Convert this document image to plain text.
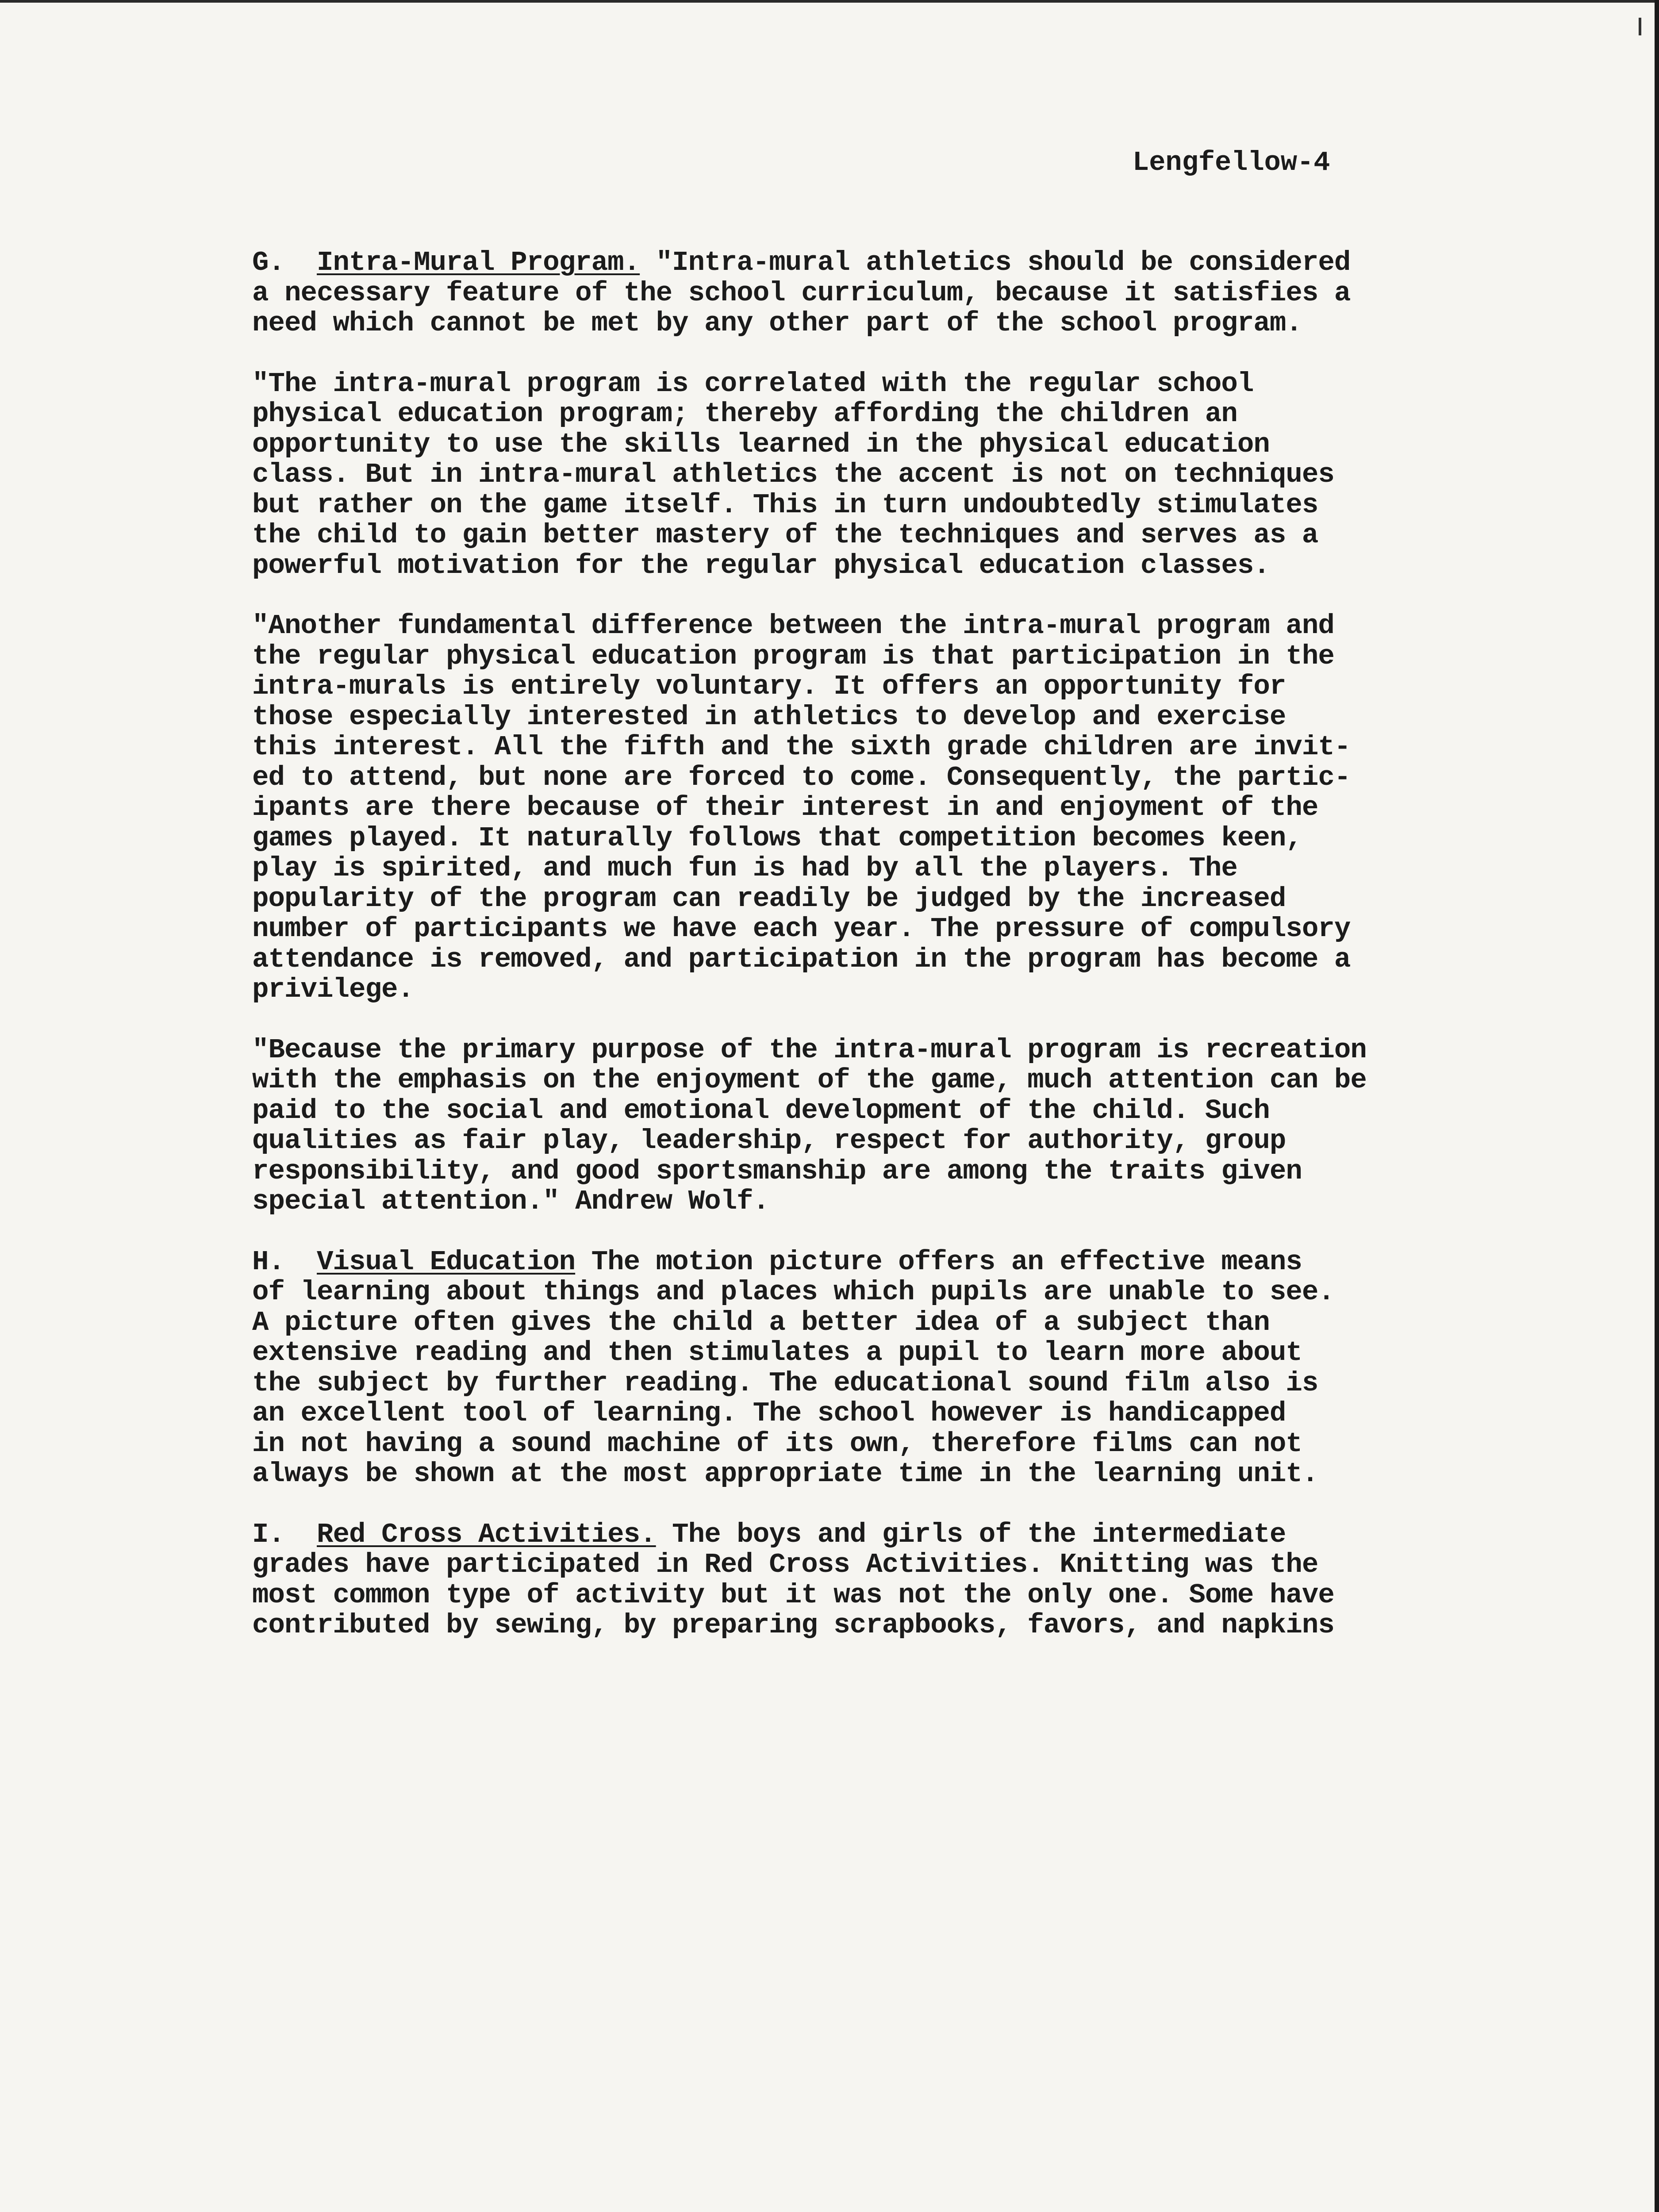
Lengfellow-4
G. Intra-Mural Program. "Intra-mural athletics should be considered
a necessary feature of the school curriculum, because it satisfies a
need which cannot be met by any other part of the school program.
"The intra-mural program is correlated with the regular school
physical education program; thereby affording the children an
opportunity to use the skills learned in the physical education
class. But in intra-mural athletics the accent is not on techniques
but rather on the game itself. This in turn undoubtedly stimulates
the child to gain better mastery of the techniques and serves as a
powerful motivation for the regular physical education classes.
"Another fundamental difference between the intra-mural program and
the regular physical education program is that participation in the
intra-murals is entirely voluntary. It offers an opportunity for
those especially interested in athletics to develop and exercise
this interest. All the fifth and the sixth grade children are invit-
ed to attend, but none are forced to come. Consequently, the partic-
ipants are there because of their interest in and enjoyment of the
games played. It naturally follows that competition becomes keen,
play is spirited, and much fun is had by all the players. The
popularity of the program can readily be judged by the increased
number of participants we have each year. The pressure of compulsory
attendance is removed, and participation in the program has become a
privilege.
"Because the primary purpose of the intra-mural program is recreation
with the emphasis on the enjoyment of the game, much attention can be
paid to the social and emotional development of the child. Such
qualities as fair play, leadership, respect for authority, group
responsibility, and good sportsmanship are among the traits given
special attention." Andrew Wolf.
H. Visual Education The motion picture offers an effective means
of learning about things and places which pupils are unable to see.
A picture often gives the child a better idea of a subject than
extensive reading and then stimulates a pupil to learn more about
the subject by further reading. The educational sound film also is
an excellent tool of learning. The school however is handicapped
in not having a sound machine of its own, therefore films can not
always be shown at the most appropriate time in the learning unit.
I. Red Cross Activities. The boys and girls of the intermediate
grades have participated in Red Cross Activities. Knitting was the
most common type of activity but it was not the only one. Some have
contributed by sewing, by preparing scrapbooks, favors, and napkins
